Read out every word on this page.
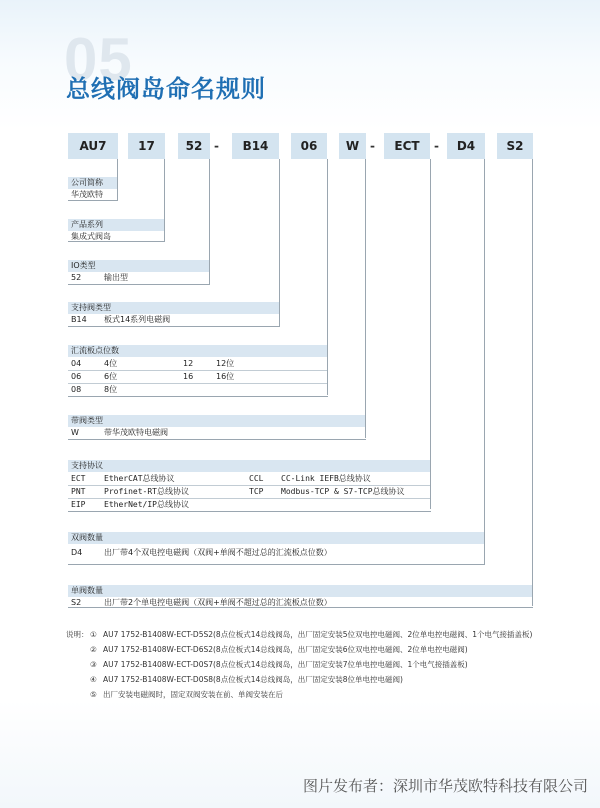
05
总线阀岛命名规则
AU7	17	52 -	B14	06	W -	ECT	-	D4	S2
公司简称
华茂欧特
产品系列
集成式阀岛
IO类型
52	输出型
支持阀类型
B14 板式14系列电磁阀
汇流板点位数
04	4位	12	12位
06	6位	16	16位
08	8位
带阀类型
W	带华茂欧特电磁阀
支持协议
ECT EtherCAT总线协议	CCL CC-Link IEFB总线协议
PNT Profinet-RT总线协议	TCP Modbus-TCP & S7-TCP总线协议
EIP EtherNet/IP总线协议
双阀数量
D4	出厂带4个双电控电磁阀（双阀+单阀不超过总的汇流板点位数）
单阀数量
S2	出厂带2个单电控电磁阀（双阀+单阀不超过总的汇流板点位数）
说明： ① AU7 1752-B1408W-ECT-D5S2(8点位板式14总线阀岛，出厂固定安装5位双电控电磁阀、2位单电控电磁阀、1个电气接插盖板)
② AU7 1752-B1408W-ECT-D6S2(8点位板式14总线阀岛，出厂固定安装6位双电控电磁阀、2位单电控电磁阀)
③ AU7 1752-B1408W-ECT-D0S7(8点位板式14总线阀岛，出厂固定安装7位单电控电磁阀、1个电气接插盖板)
④ AU7 1752-B1408W-ECT-D0S8(8点位板式14总线阀岛，出厂固定安装8位单电控电磁阀)
⑤ 出厂安装电磁阀时，固定双阀安装在前、单阀安装在后
图片发布者：深圳市华茂欧特科技有限公司
